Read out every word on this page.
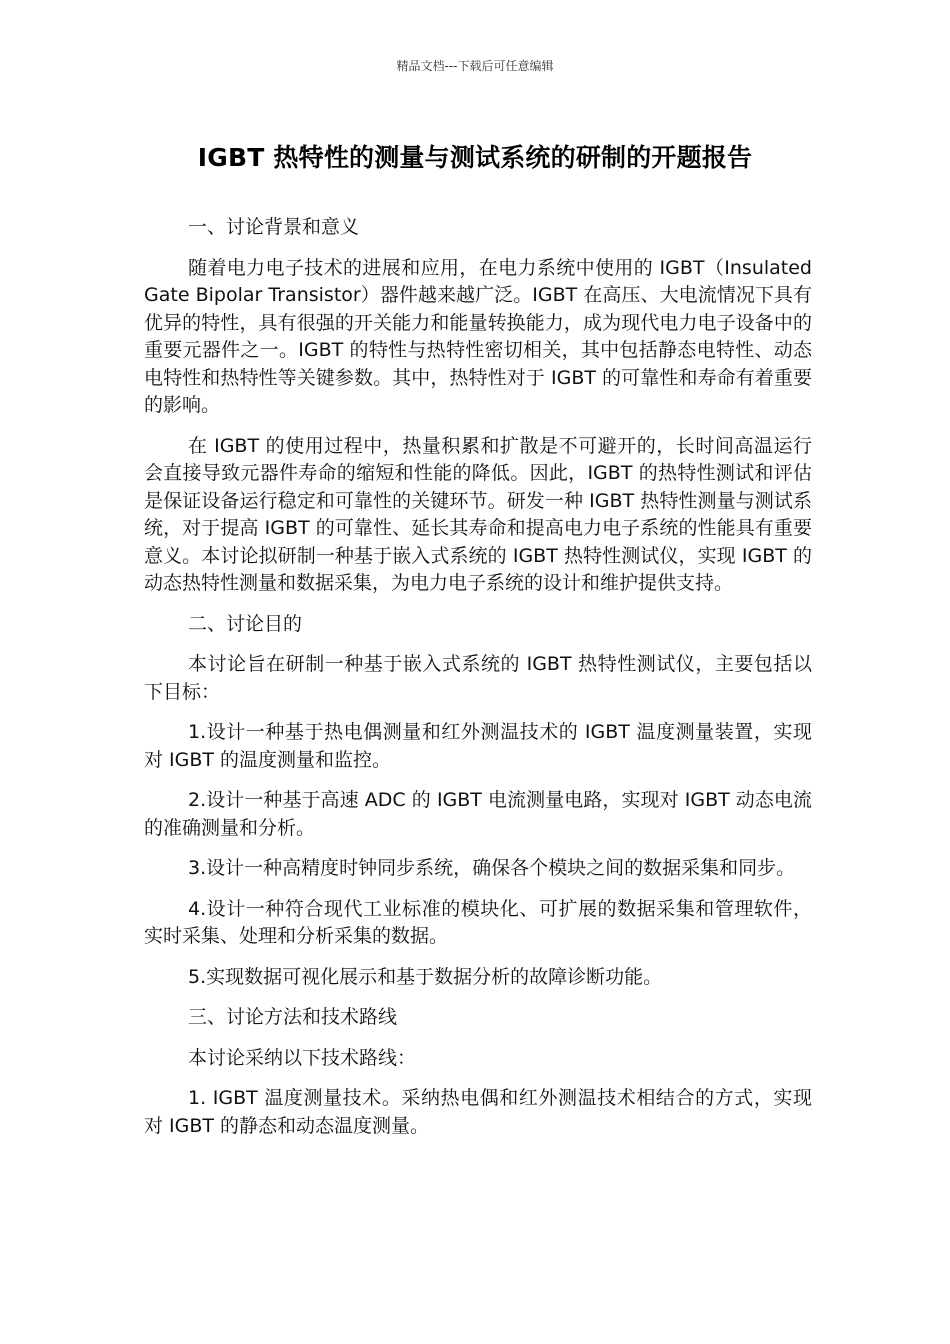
精品文档---下载后可任意编辑
IGBT 热特性的测量与测试系统的研制的开题报告

一、讨论背景和意义

随着电力电子技术的进展和应用，在电力系统中使用的 IGBT（Insulated Gate Bipolar Transistor）器件越来越广泛。IGBT 在高压、大电流情况下具有优异的特性，具有很强的开关能力和能量转换能力，成为现代电力电子设备中的重要元器件之一。IGBT 的特性与热特性密切相关，其中包括静态电特性、动态电特性和热特性等关键参数。其中，热特性对于 IGBT 的可靠性和寿命有着重要的影响。

在 IGBT 的使用过程中，热量积累和扩散是不可避开的，长时间高温运行会直接导致元器件寿命的缩短和性能的降低。因此，IGBT 的热特性测试和评估是保证设备运行稳定和可靠性的关键环节。研发一种 IGBT 热特性测量与测试系统，对于提高 IGBT 的可靠性、延长其寿命和提高电力电子系统的性能具有重要意义。本讨论拟研制一种基于嵌入式系统的 IGBT 热特性测试仪，实现 IGBT 的动态热特性测量和数据采集，为电力电子系统的设计和维护提供支持。

二、讨论目的

本讨论旨在研制一种基于嵌入式系统的 IGBT 热特性测试仪，主要包括以下目标：

1.设计一种基于热电偶测量和红外测温技术的 IGBT 温度测量装置，实现对 IGBT 的温度测量和监控。

2.设计一种基于高速 ADC 的 IGBT 电流测量电路，实现对 IGBT 动态电流的准确测量和分析。

3.设计一种高精度时钟同步系统，确保各个模块之间的数据采集和同步。

4.设计一种符合现代工业标准的模块化、可扩展的数据采集和管理软件，实时采集、处理和分析采集的数据。

5.实现数据可视化展示和基于数据分析的故障诊断功能。

三、讨论方法和技术路线

本讨论采纳以下技术路线：

1. IGBT 温度测量技术。采纳热电偶和红外测温技术相结合的方式，实现对 IGBT 的静态和动态温度测量。
